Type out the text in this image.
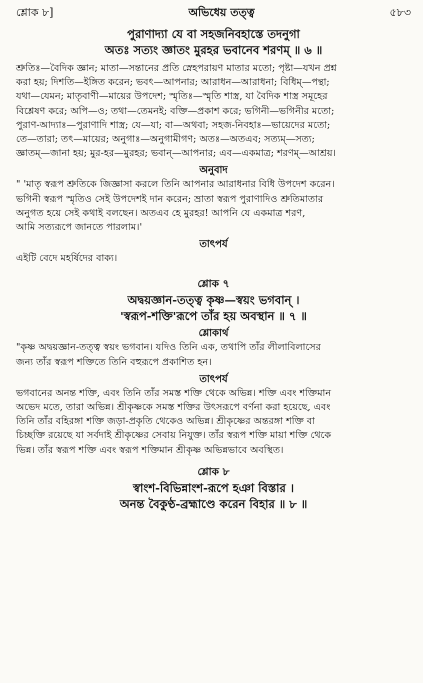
শ্লোক ৮]	অভিধেয় তত্ত্ব	৫৮৩
পুরাণাদ্যা যে বা সহজনিবহাস্তে তদনুগা
অতঃ সত্যং জ্ঞাতং মুরহর ভবানেব শরণম্ ॥ ৬ ॥

শ্রুতিঃ—বৈদিক জ্ঞান; মাতা—সন্তানের প্রতি স্নেহপরায়ণ মাতার মতো; পৃষ্টা—যখন প্রশ্ন

করা হয়; দিশতি—ইঙ্গিত করেন; ভবৎ—আপনার; আরাধন—আরাধনা; বিধিম্—পন্থা;

যথা—যেমন; মাতৃবাণী—মায়ের উপদেশ; স্মৃতিঃ—স্মৃতি শাস্ত্র, যা বৈদিক শাস্ত্র সমূহের

বিশ্লেষণ করে; অপি—ও; তথা—তেমনই; বক্তি—প্রকাশ করে; ভগিনী—ভগিনীর মতো;

পুরাণ-আদ্যাঃ—পুরাণাদি শাস্ত্র; যে—যা; বা—অথবা; সহজ-নিবহাঃ—ভায়েদের মতো;

তে—তারা; তৎ—মায়ের; অনুগাঃ—অনুগামীগণ; অতঃ—অতএব; সত্যম্—সত্য;

জ্ঞাতম্—জানা হয়; মুর-হর—মুরহর; ভবান্—আপনার; এব—একমাত্র; শরণম্—আশ্রয়।

অনুবাদ

" 'মাতৃ স্বরূপ শ্রুতিকে জিজ্ঞাসা করলে তিনি আপনার আরাধনার বিধি উপদেশ করেন।

ভগিনী স্বরূপ স্মৃতিও সেই উপদেশই দান করেন; ভ্রাতা স্বরূপ পুরাণাদিও শ্রুতিমাতার

অনুগত হয়ে সেই কথাই বলছেন। অতএব হে মুরহর! আপনি যে একমাত্র শরণ,

আমি সত্যরূপে জানতে পারলাম।'

তাৎপর্য

এইটি বেদে মহর্ষিদের বাক্য।

শ্লোক ৭
অদ্বয়জ্ঞান-তত্ত্ব কৃষ্ণ—স্বয়ং ভগবান্ ।
'স্বরূপ-শক্তি'রূপে তাঁর হয় অবস্থান ॥ ৭ ॥
শ্লোকার্থ

"কৃষ্ণ অদ্বয়জ্ঞান-তত্ত্ব স্বয়ং ভগবান। যদিও তিনি এক, তথাপি তাঁর লীলাবিলাসের

জন্য তাঁর স্বরূপ শক্তিতে তিনি বহুরূপে প্রকাশিত হন।

তাৎপর্য

ভগবানের অনন্ত শক্তি, এবং তিনি তাঁর সমস্ত শক্তি থেকে অভিন্ন। শক্তি এবং শক্তিমান

অভেদ মতে, তারা অভিন্ন। শ্রীকৃষ্ণকে সমস্ত শক্তির উৎসরূপে বর্ণনা করা হয়েছে, এবং

তিনি তাঁর বহিরঙ্গা শক্তি জড়া-প্রকৃতি থেকেও অভিন্ন। শ্রীকৃষ্ণের অন্তরঙ্গা শক্তি বা

চিচ্ছক্তি রয়েছে যা সর্বদাই শ্রীকৃষ্ণের সেবায় নিযুক্ত। তাঁর স্বরূপ শক্তি মায়া শক্তি থেকে

ভিন্ন। তাঁর স্বরূপ শক্তি এবং স্বরূপ শক্তিমান শ্রীকৃষ্ণ অভিন্নভাবে অবস্থিত।

শ্লোক ৮
স্বাংশ-বিভিন্নাংশ-রূপে হঞা বিস্তার ।
অনন্ত বৈকুণ্ঠ-ব্রহ্মাণ্ডে করেন বিহার ॥ ৮ ॥
